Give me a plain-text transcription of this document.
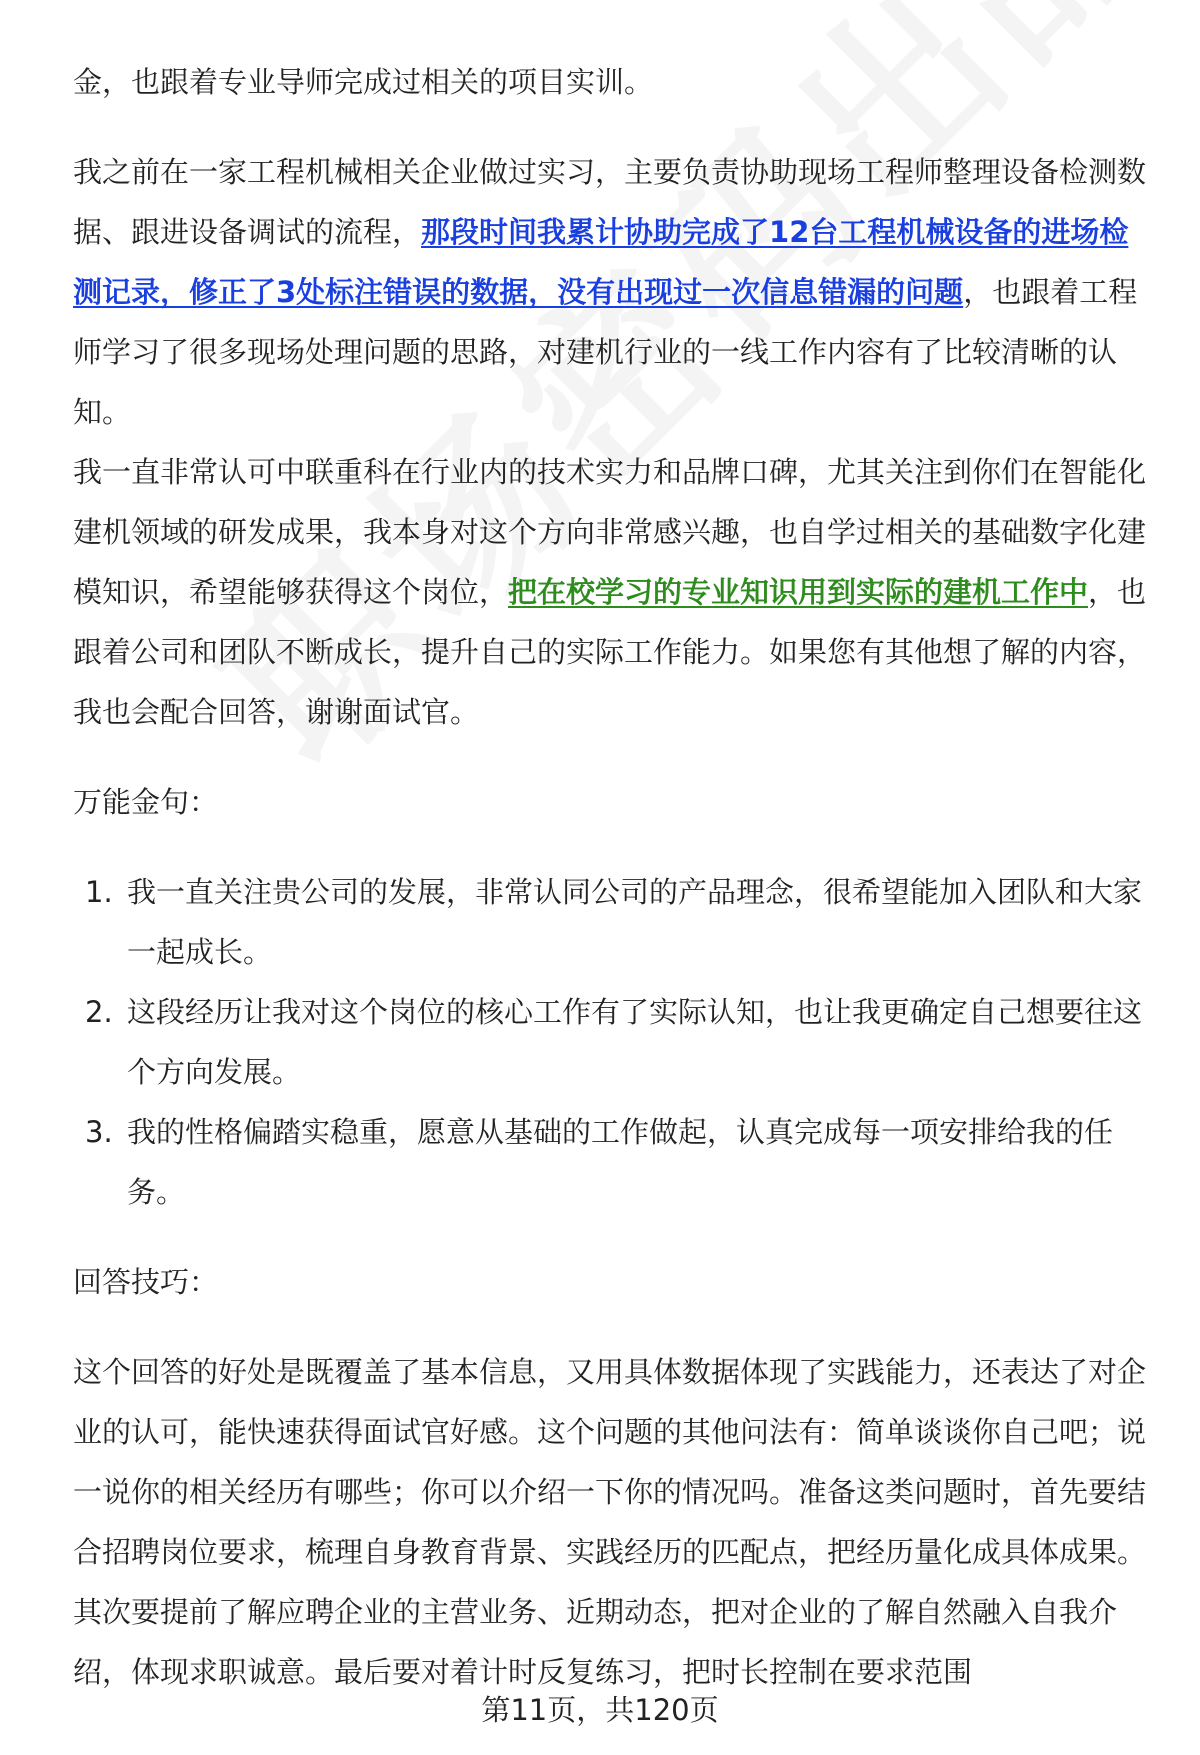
金，也跟着专业导师完成过相关的项目实训。

我之前在一家工程机械相关企业做过实习，主要负责协助现场工程师整理设备检测数据、跟进设备调试的流程，那段时间我累计协助完成了12台工程机械设备的进场检测记录，修正了3处标注错误的数据，没有出现过一次信息错漏的问题，也跟着工程师学习了很多现场处理问题的思路，对建机行业的一线工作内容有了比较清晰的认知。

我一直非常认可中联重科在行业内的技术实力和品牌口碑，尤其关注到你们在智能化建机领域的研发成果，我本身对这个方向非常感兴趣，也自学过相关的基础数字化建模知识，希望能够获得这个岗位，把在校学习的专业知识用到实际的建机工作中，也跟着公司和团队不断成长，提升自己的实际工作能力。如果您有其他想了解的内容，我也会配合回答，谢谢面试官。

万能金句：

1. 我一直关注贵公司的发展，非常认同公司的产品理念，很希望能加入团队和大家一起成长。
2. 这段经历让我对这个岗位的核心工作有了实际认知，也让我更确定自己想要往这个方向发展。
3. 我的性格偏踏实稳重，愿意从基础的工作做起，认真完成每一项安排给我的任务。

回答技巧：

这个回答的好处是既覆盖了基本信息，又用具体数据体现了实践能力，还表达了对企业的认可，能快速获得面试官好感。这个问题的其他问法有：简单谈谈你自己吧；说一说你的相关经历有哪些；你可以介绍一下你的情况吗。准备这类问题时，首先要结合招聘岗位要求，梳理自身教育背景、实践经历的匹配点，把经历量化成具体成果。其次要提前了解应聘企业的主营业务、近期动态，把对企业的了解自然融入自我介绍，体现求职诚意。最后要对着计时反复练习，把时长控制在要求范围

第11页，共120页
